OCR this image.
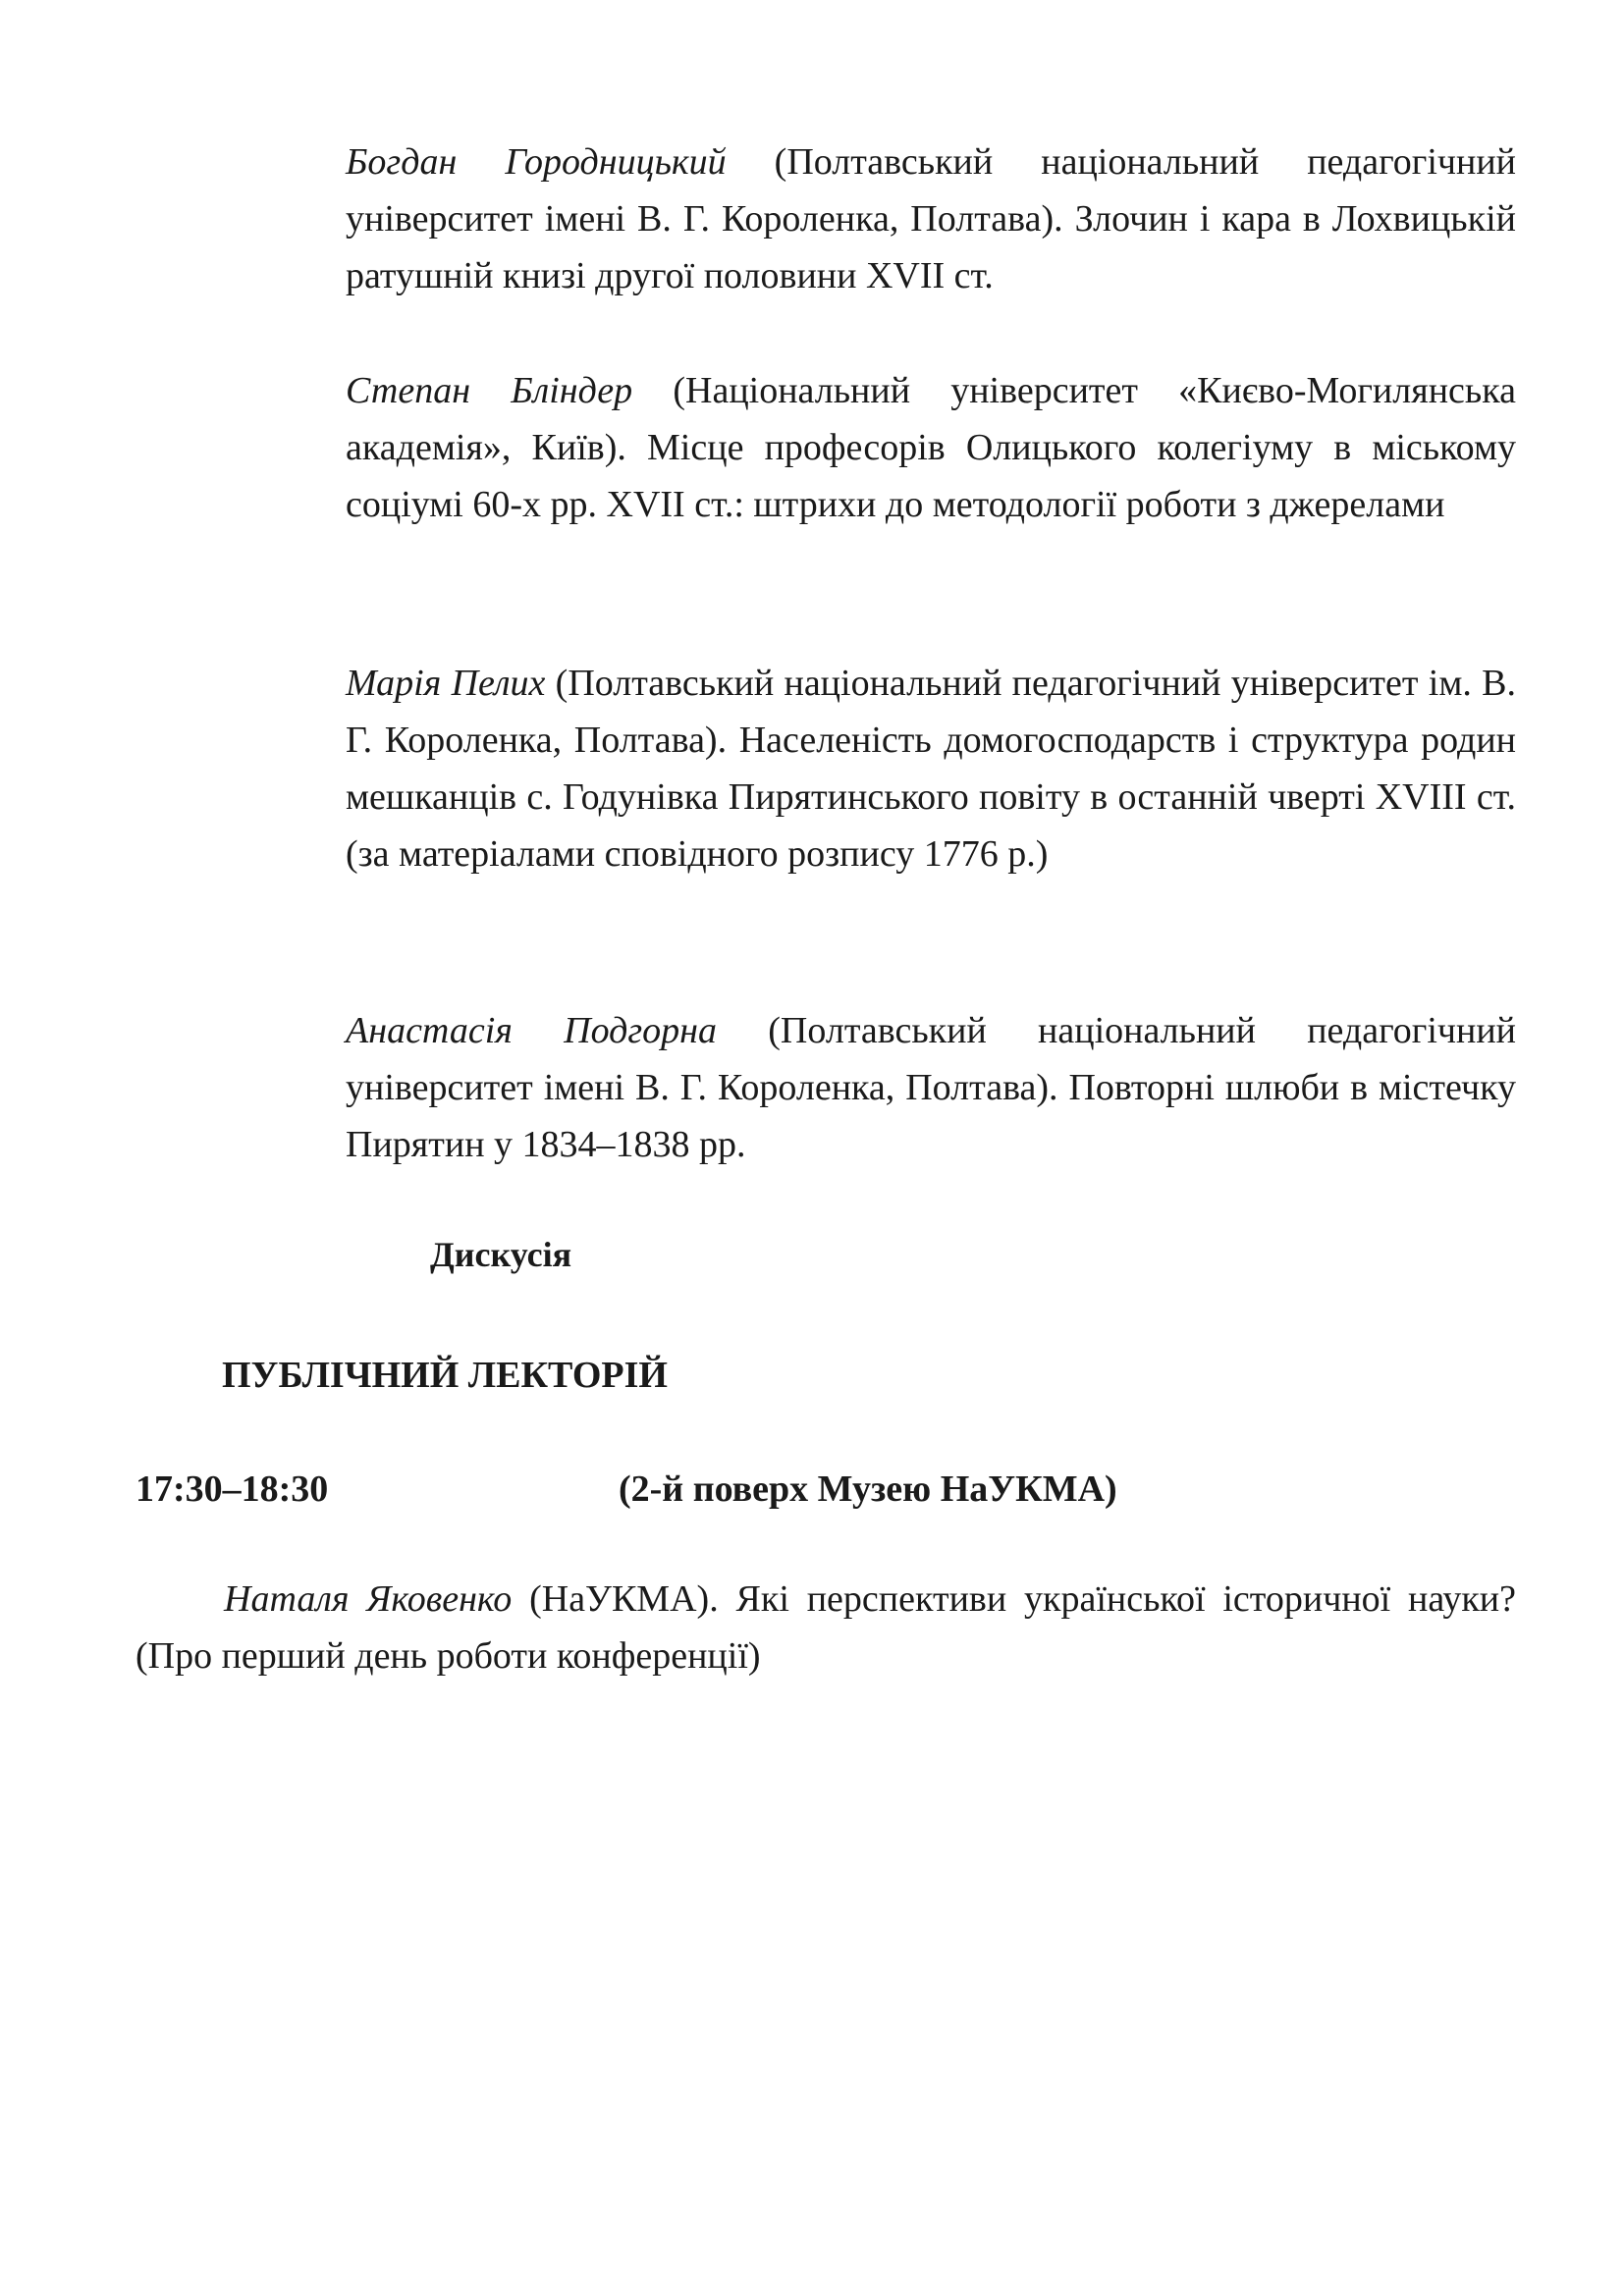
Богдан Городницький (Полтавський національний педагогічний університет імені В. Г. Короленка, Полтава). Злочин і кара в Лохвицькій ратушній книзі другої половини XVII ст.

Степан Бліндер (Національний університет «Києво-Могилянська академія», Київ). Місце професорів Олицького колегіуму в міському соціумі 60-х рр. XVII ст.: штрихи до методології роботи з джерелами

Марія Пелих (Полтавський національний педагогічний університет ім. В. Г. Короленка, Полтава). Населеність домогосподарств і структура родин мешканців с. Годунівка Пирятинського повіту в останній чверті XVIII ст. (за матеріалами сповідного розпису 1776 р.)

Анастасія Подгорна (Полтавський національний педагогічний університет імені В. Г. Короленка, Полтава). Повторні шлюби в містечку Пирятин у 1834–1838 рр.

Дискусія

ПУБЛІЧНИЙ ЛЕКТОРІЙ

17:30–18:30	(2-й поверх Музею НаУКМА)

Наталя Яковенко (НаУКМА). Які перспективи української історичної науки? (Про перший день роботи конференції)
